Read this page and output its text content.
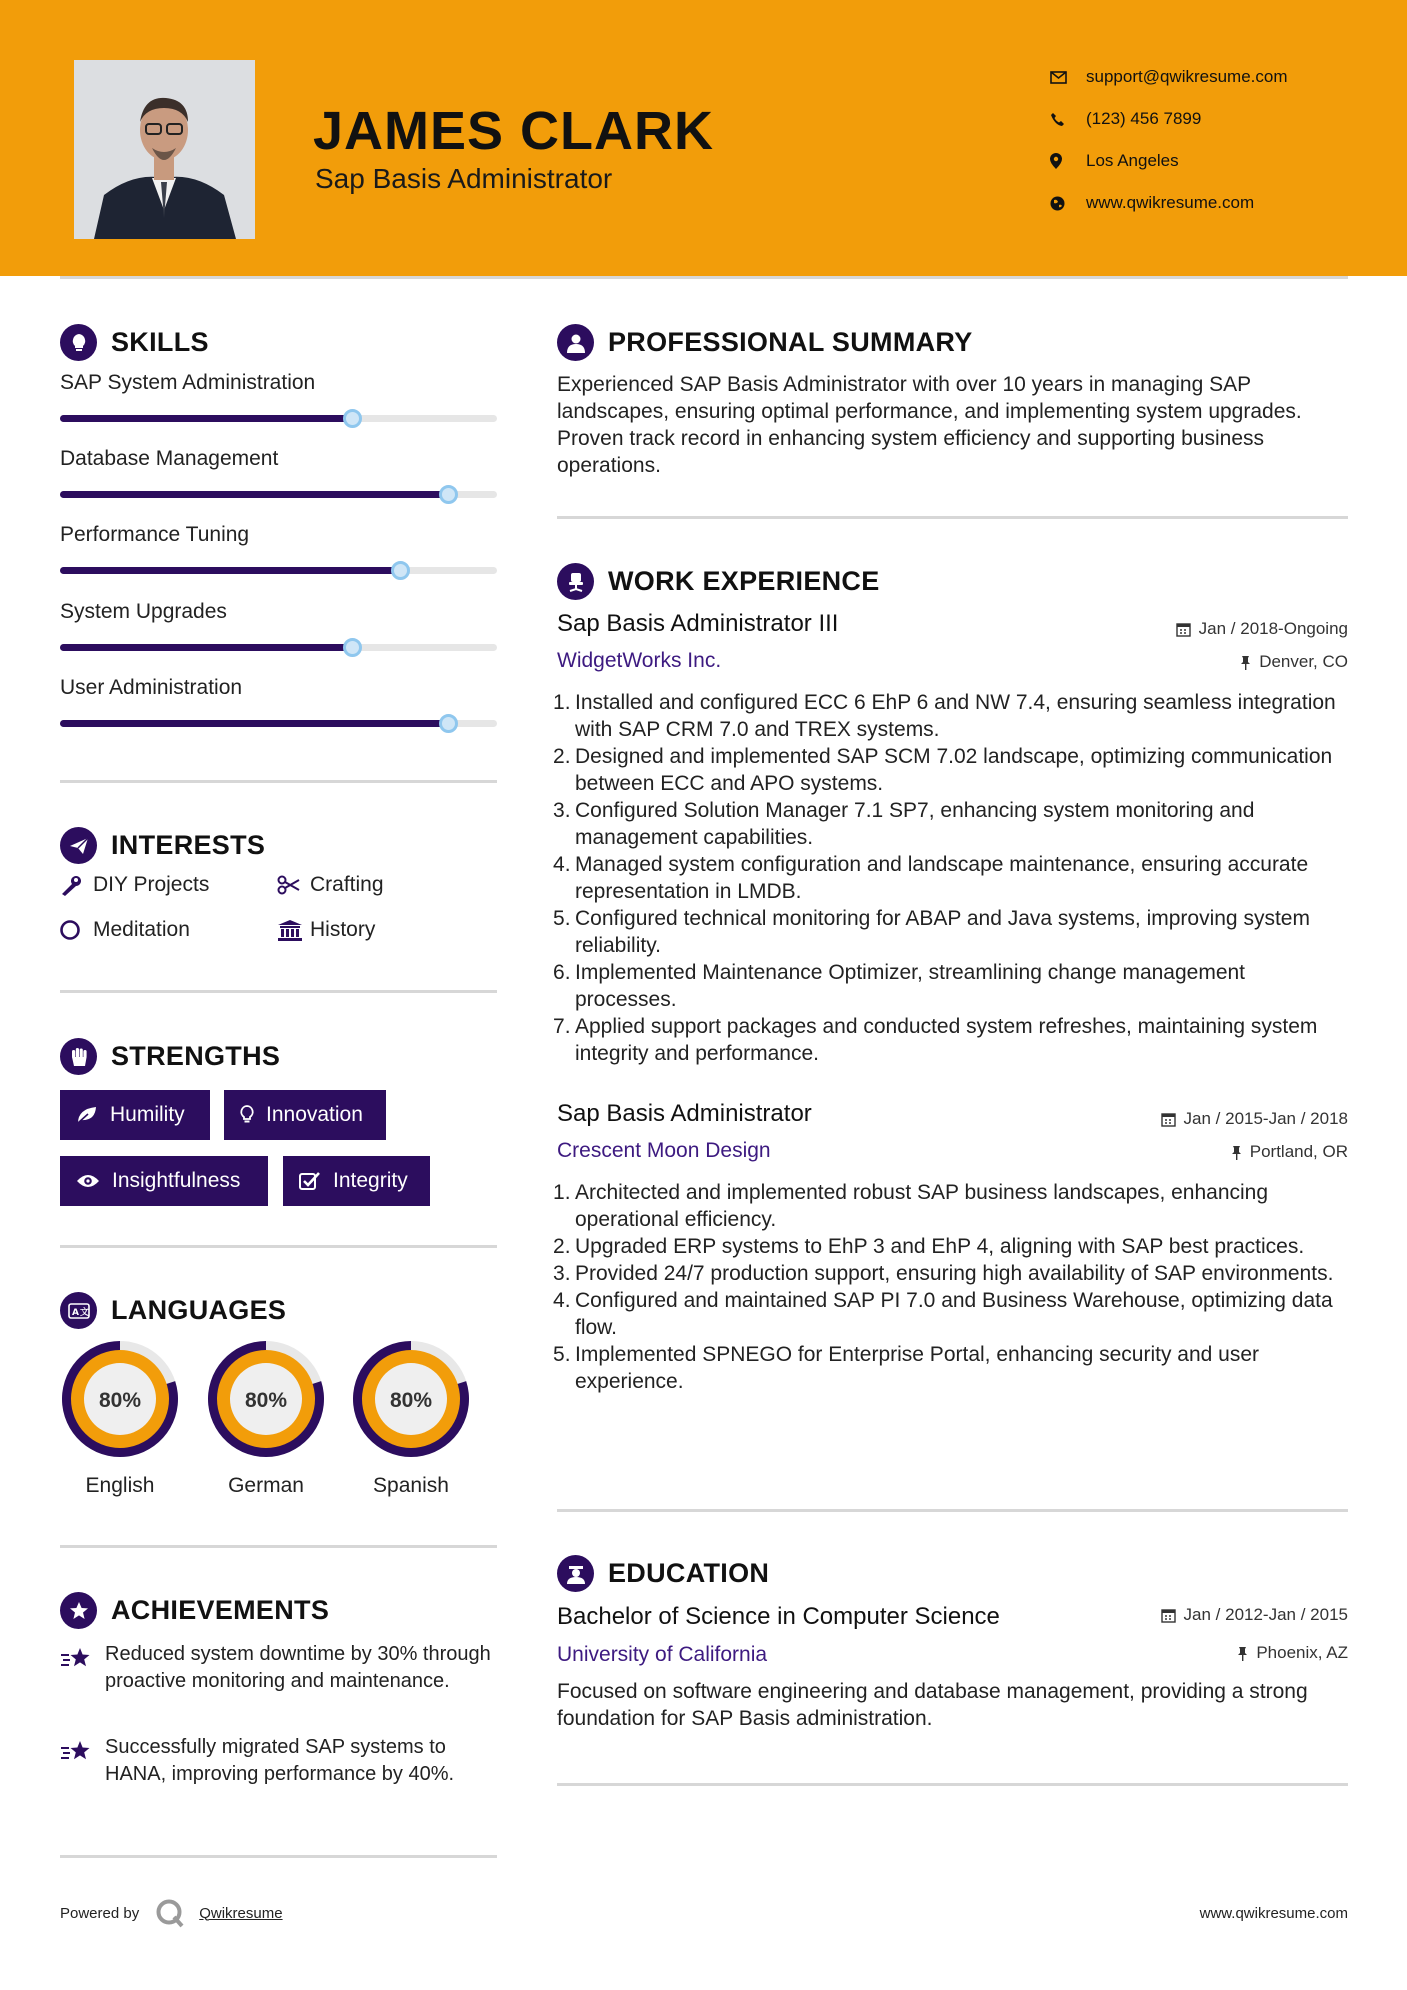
JAMES CLARK
Sap Basis Administrator
support@qwikresume.com
(123) 456 7899
Los Angeles
www.qwikresume.com
SKILLS
SAP System Administration
Database Management
Performance Tuning
System Upgrades
User Administration
INTERESTS
DIY Projects	Crafting
Meditation	History
STRENGTHS
Humility	Innovation
Insightfulness	Integrity
A 文 LANGUAGES
80%
English
80%
German
80%
Spanish
ACHIEVEMENTS
Reduced system downtime by 30% through proactive monitoring and maintenance.
Successfully migrated SAP systems to HANA, improving performance by 40%.
PROFESSIONAL SUMMARY
Experienced SAP Basis Administrator with over 10 years in managing SAP landscapes, ensuring optimal performance, and implementing system upgrades. Proven track record in enhancing system efficiency and supporting business operations.
WORK EXPERIENCE
Sap Basis Administrator III	Jan / 2018-Ongoing
WidgetWorks Inc.	Denver, CO
Installed and configured ECC 6 EhP 6 and NW 7.4, ensuring seamless integration with SAP CRM 7.0 and TREX systems.
Designed and implemented SAP SCM 7.02 landscape, optimizing communication between ECC and APO systems.
Configured Solution Manager 7.1 SP7, enhancing system monitoring and management capabilities.
Managed system configuration and landscape maintenance, ensuring accurate representation in LMDB.
Configured technical monitoring for ABAP and Java systems, improving system reliability.
Implemented Maintenance Optimizer, streamlining change management processes.
Applied support packages and conducted system refreshes, maintaining system integrity and performance.
Sap Basis Administrator	Jan / 2015-Jan / 2018
Crescent Moon Design	Portland, OR
Architected and implemented robust SAP business landscapes, enhancing operational efficiency.
Upgraded ERP systems to EhP 3 and EhP 4, aligning with SAP best practices.
Provided 24/7 production support, ensuring high availability of SAP environments.
Configured and maintained SAP PI 7.0 and Business Warehouse, optimizing data flow.
Implemented SPNEGO for Enterprise Portal, enhancing security and user experience.
EDUCATION
Bachelor of Science in Computer Science	Jan / 2012-Jan / 2015
University of California	Phoenix, AZ
Focused on software engineering and database management, providing a strong foundation for SAP Basis administration.
Powered by	Qwikresume	www.qwikresume.com
